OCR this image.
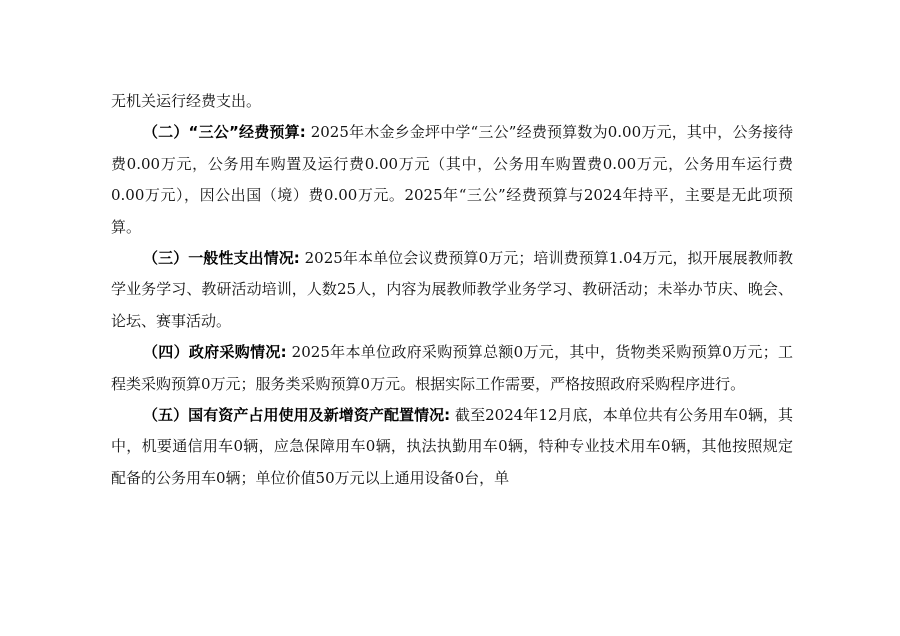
无机关运行经费支出。

（二）“三公”经费预算: 2025年木金乡金坪中学“三公”经费预算数为0.00万元，其中，公务接待费0.00万元，公务用车购置及运行费0.00万元（其中，公务用车购置费0.00万元，公务用车运行费0.00万元），因公出国（境）费0.00万元。2025年“三公”经费预算与2024年持平，主要是无此项预算。

（三）一般性支出情况: 2025年本单位会议费预算0万元；培训费预算1.04万元，拟开展展教师教学业务学习、教研活动培训，人数25人，内容为展教师教学业务学习、教研活动；未举办节庆、晚会、论坛、赛事活动。

（四）政府采购情况: 2025年本单位政府采购预算总额0万元，其中，货物类采购预算0万元；工程类采购预算0万元；服务类采购预算0万元。根据实际工作需要，严格按照政府采购程序进行。

（五）国有资产占用使用及新增资产配置情况: 截至2024年12月底，本单位共有公务用车0辆，其中，机要通信用车0辆，应急保障用车0辆，执法执勤用车0辆，特种专业技术用车0辆，其他按照规定配备的公务用车0辆；单位价值50万元以上通用设备0台，单
